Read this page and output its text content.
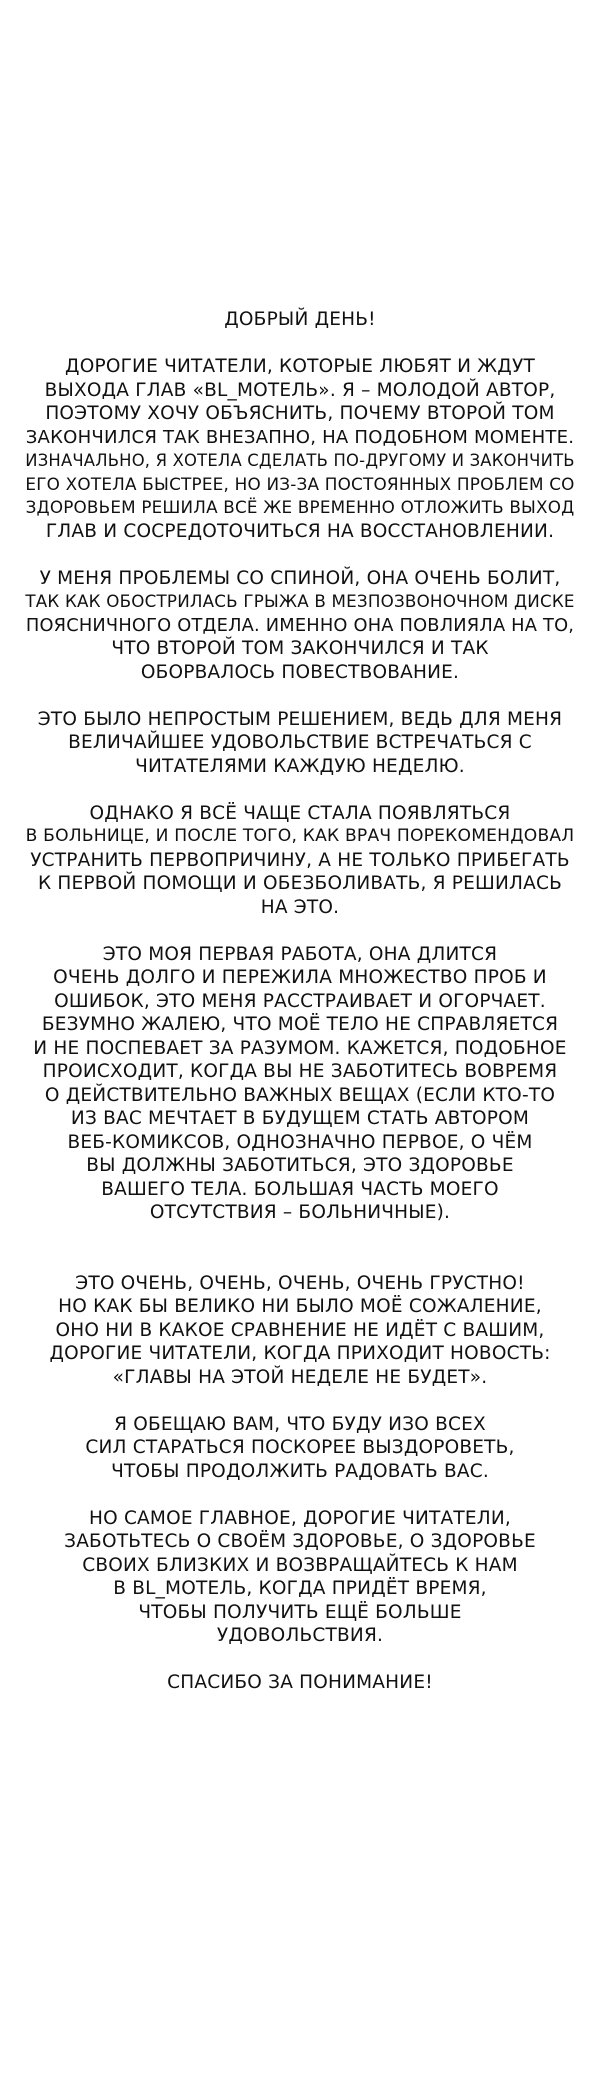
ДОБРЫЙ ДЕНЬ!

ДОРОГИЕ ЧИТАТЕЛИ, КОТОРЫЕ ЛЮБЯТ И ЖДУТ
ВЫХОДА ГЛАВ «BL_МОТЕЛЬ». Я – МОЛОДОЙ АВТОР,
ПОЭТОМУ ХОЧУ ОБЪЯСНИТЬ, ПОЧЕМУ ВТОРОЙ ТОМ
ЗАКОНЧИЛСЯ ТАК ВНЕЗАПНО, НА ПОДОБНОМ МОМЕНТЕ.
ИЗНАЧАЛЬНО, Я ХОТЕЛА СДЕЛАТЬ ПО-ДРУГОМУ И ЗАКОНЧИТЬ
ЕГО ХОТЕЛА БЫСТРЕЕ, НО ИЗ-ЗА ПОСТОЯННЫХ ПРОБЛЕМ СО
ЗДОРОВЬЕМ РЕШИЛА ВСЁ ЖЕ ВРЕМЕННО ОТЛОЖИТЬ ВЫХОД
ГЛАВ И СОСРЕДОТОЧИТЬСЯ НА ВОССТАНОВЛЕНИИ.

У МЕНЯ ПРОБЛЕМЫ СО СПИНОЙ, ОНА ОЧЕНЬ БОЛИТ,
ТАК КАК ОБОСТРИЛАСЬ ГРЫЖА В МЕЗПОЗВОНОЧНОМ ДИСКЕ
ПОЯСНИЧНОГО ОТДЕЛА. ИМЕННО ОНА ПОВЛИЯЛА НА ТО,
ЧТО ВТОРОЙ ТОМ ЗАКОНЧИЛСЯ И ТАК
ОБОРВАЛОСЬ ПОВЕСТВОВАНИЕ.

ЭТО БЫЛО НЕПРОСТЫМ РЕШЕНИЕМ, ВЕДЬ ДЛЯ МЕНЯ
ВЕЛИЧАЙШЕЕ УДОВОЛЬСТВИЕ ВСТРЕЧАТЬСЯ С
ЧИТАТЕЛЯМИ КАЖДУЮ НЕДЕЛЮ.

ОДНАКО Я ВСЁ ЧАЩЕ СТАЛА ПОЯВЛЯТЬСЯ
В БОЛЬНИЦЕ, И ПОСЛЕ ТОГО, КАК ВРАЧ ПОРЕКОМЕНДОВАЛ
УСТРАНИТЬ ПЕРВОПРИЧИНУ, А НЕ ТОЛЬКО ПРИБЕГАТЬ
К ПЕРВОЙ ПОМОЩИ И ОБЕЗБОЛИВАТЬ, Я РЕШИЛАСЬ
НА ЭТО.

ЭТО МОЯ ПЕРВАЯ РАБОТА, ОНА ДЛИТСЯ
ОЧЕНЬ ДОЛГО И ПЕРЕЖИЛА МНОЖЕСТВО ПРОБ И
ОШИБОК, ЭТО МЕНЯ РАССТРАИВАЕТ И ОГОРЧАЕТ.
БЕЗУМНО ЖАЛЕЮ, ЧТО МОЁ ТЕЛО НЕ СПРАВЛЯЕТСЯ
И НЕ ПОСПЕВАЕТ ЗА РАЗУМОМ. КАЖЕТСЯ, ПОДОБНОЕ
ПРОИСХОДИТ, КОГДА ВЫ НЕ ЗАБОТИТЕСЬ ВОВРЕМЯ
О ДЕЙСТВИТЕЛЬНО ВАЖНЫХ ВЕЩАХ (ЕСЛИ КТО-ТО
ИЗ ВАС МЕЧТАЕТ В БУДУЩЕМ СТАТЬ АВТОРОМ
ВЕБ-КОМИКСОВ, ОДНОЗНАЧНО ПЕРВОЕ, О ЧЁМ
ВЫ ДОЛЖНЫ ЗАБОТИТЬСЯ, ЭТО ЗДОРОВЬЕ
ВАШЕГО ТЕЛА. БОЛЬШАЯ ЧАСТЬ МОЕГО
ОТСУТСТВИЯ – БОЛЬНИЧНЫЕ).

ЭТО ОЧЕНЬ, ОЧЕНЬ, ОЧЕНЬ, ОЧЕНЬ ГРУСТНО!
НО КАК БЫ ВЕЛИКО НИ БЫЛО МОЁ СОЖАЛЕНИЕ,
ОНО НИ В КАКОЕ СРАВНЕНИЕ НЕ ИДЁТ С ВАШИМ,
ДОРОГИЕ ЧИТАТЕЛИ, КОГДА ПРИХОДИТ НОВОСТЬ:
«ГЛАВЫ НА ЭТОЙ НЕДЕЛЕ НЕ БУДЕТ».

Я ОБЕЩАЮ ВАМ, ЧТО БУДУ ИЗО ВСЕХ
СИЛ СТАРАТЬСЯ ПОСКОРЕЕ ВЫЗДОРОВЕТЬ,
ЧТОБЫ ПРОДОЛЖИТЬ РАДОВАТЬ ВАС.

НО САМОЕ ГЛАВНОЕ, ДОРОГИЕ ЧИТАТЕЛИ,
ЗАБОТЬТЕСЬ О СВОЁМ ЗДОРОВЬЕ, О ЗДОРОВЬЕ
СВОИХ БЛИЗКИХ И ВОЗВРАЩАЙТЕСЬ К НАМ
В BL_МОТЕЛЬ, КОГДА ПРИДЁТ ВРЕМЯ,
ЧТОБЫ ПОЛУЧИТЬ ЕЩЁ БОЛЬШЕ
УДОВОЛЬСТВИЯ.

СПАСИБО ЗА ПОНИМАНИЕ!
